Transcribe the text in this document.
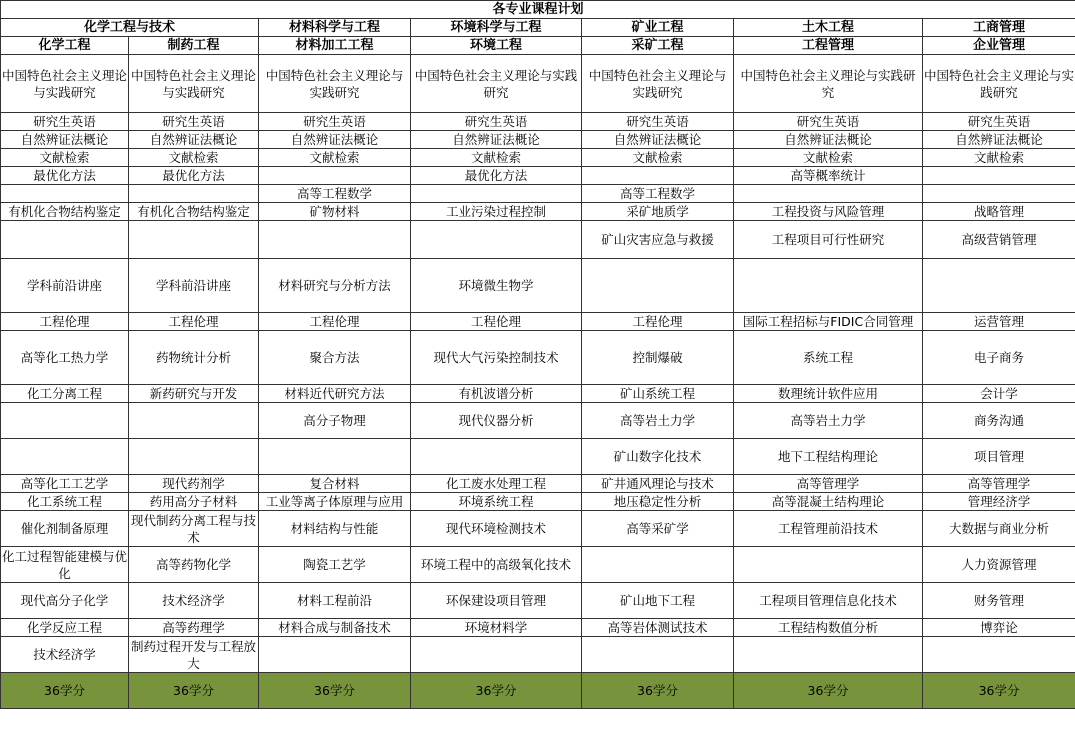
各专业课程计划						
化学工程与技术		材料科学与工程	环境科学与工程	矿业工程	土木工程	工商管理
化学工程	制药工程	材料加工工程	环境工程	采矿工程	工程管理	企业管理
中国特色社会主义理论与实践研究	中国特色社会主义理论与实践研究	中国特色社会主义理论与实践研究	中国特色社会主义理论与实践研究	中国特色社会主义理论与实践研究	中国特色社会主义理论与实践研究	中国特色社会主义理论与实践研究
研究生英语	研究生英语	研究生英语	研究生英语	研究生英语	研究生英语	研究生英语
自然辨证法概论	自然辨证法概论	自然辨证法概论	自然辨证法概论	自然辨证法概论	自然辨证法概论	自然辨证法概论
文献检索	文献检索	文献检索	文献检索	文献检索	文献检索	文献检索
最优化方法	最优化方法		最优化方法		高等概率统计	
		高等工程数学		高等工程数学		
有机化合物结构鉴定	有机化合物结构鉴定	矿物材料	工业污染过程控制	采矿地质学	工程投资与风险管理	战略管理
				矿山灾害应急与救援	工程项目可行性研究	高级营销管理
学科前沿讲座	学科前沿讲座	材料研究与分析方法	环境微生物学			
工程伦理	工程伦理	工程伦理	工程伦理	工程伦理	国际工程招标与FIDIC合同管理	运营管理
高等化工热力学	药物统计分析	聚合方法	现代大气污染控制技术	控制爆破	系统工程	电子商务
化工分离工程	新药研究与开发	材料近代研究方法	有机波谱分析	矿山系统工程	数理统计软件应用	会计学
		高分子物理	现代仪器分析	高等岩土力学	高等岩土力学	商务沟通
				矿山数字化技术	地下工程结构理论	项目管理
高等化工工艺学	现代药剂学	复合材料	化工废水处理工程	矿井通风理论与技术	高等管理学	高等管理学
化工系统工程	药用高分子材料	工业等离子体原理与应用	环境系统工程	地压稳定性分析	高等混凝土结构理论	管理经济学
催化剂制备原理	现代制药分离工程与技术	材料结构与性能	现代环境检测技术	高等采矿学	工程管理前沿技术	大数据与商业分析
化工过程智能建模与优化	高等药物化学	陶瓷工艺学	环境工程中的高级氧化技术			人力资源管理
现代高分子化学	技术经济学	材料工程前沿	环保建设项目管理	矿山地下工程	工程项目管理信息化技术	财务管理
化学反应工程	高等药理学	材料合成与制备技术	环境材料学	高等岩体测试技术	工程结构数值分析	博弈论
技术经济学	制药过程开发与工程放大					
36学分	36学分	36学分	36学分	36学分	36学分	36学分
